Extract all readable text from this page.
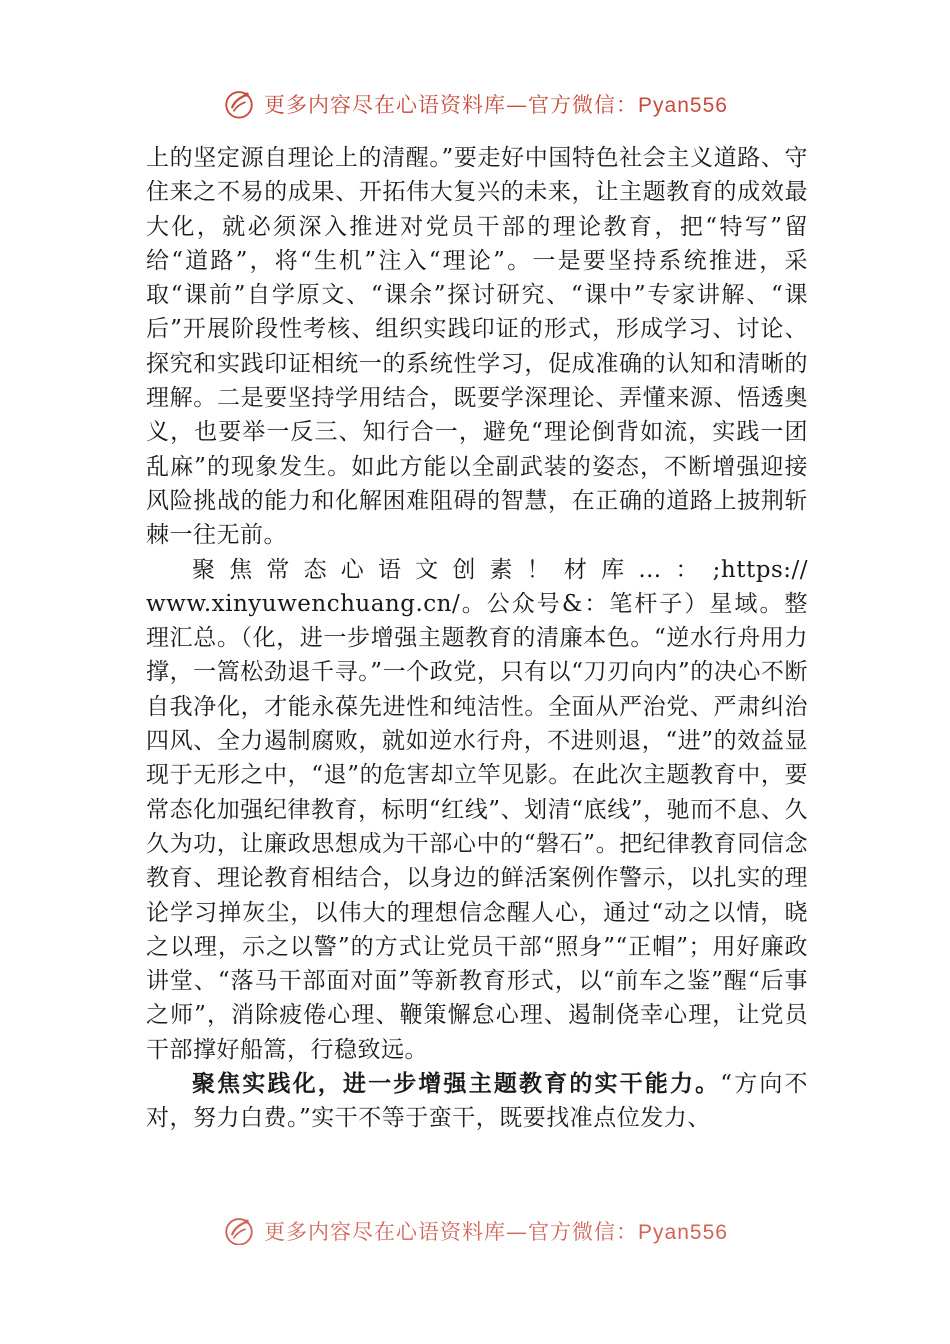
更多内容尽在心语资料库—官方微信：Pyan556

上的坚定源自理论上的清醒。”要走好中国特色社会主义道路、守住来之不易的成果、开拓伟大复兴的未来，让主题教育的成效最大化，就必须深入推进对党员干部的理论教育，把“特写”留给“道路”，将“生机”注入“理论”。一是要坚持系统推进，采取“课前”自学原文、“课余”探讨研究、“课中”专家讲解、“课后”开展阶段性考核、组织实践印证的形式，形成学习、讨论、探究和实践印证相统一的系统性学习，促成准确的认知和清晰的理解。二是要坚持学用结合，既要学深理论、弄懂来源、悟透奥义，也要举一反三、知行合一，避免“理论倒背如流，实践一团乱麻”的现象发生。如此方能以全副武装的姿态，不断增强迎接风险挑战的能力和化解困难阻碍的智慧，在正确的道路上披荆斩棘一往无前。

聚焦常态心语文创素！材库…：;https://

www.xinyuwenchuang.cn/。公众号&：笔杆子）星域。整理汇总。（化，进一步增强主题教育的清廉本色。“逆水行舟用力撑，一篙松劲退千寻。”一个政党，只有以“刀刃向内”的决心不断自我净化，才能永葆先进性和纯洁性。全面从严治党、严肃纠治四风、全力遏制腐败，就如逆水行舟，不进则退，“进”的效益显现于无形之中，“退”的危害却立竿见影。在此次主题教育中，要常态化加强纪律教育，标明“红线”、划清“底线”，驰而不息、久久为功，让廉政思想成为干部心中的“磐石”。把纪律教育同信念教育、理论教育相结合，以身边的鲜活案例作警示，以扎实的理论学习掸灰尘，以伟大的理想信念醒人心，通过“动之以情，晓之以理，示之以警”的方式让党员干部“照身”“正帽”；用好廉政讲堂、“落马干部面对面”等新教育形式，以“前车之鉴”醒“后事之师”，消除疲倦心理、鞭策懈怠心理、遏制侥幸心理，让党员干部撑好船篙，行稳致远。

聚焦实践化，进一步增强主题教育的实干能力。“方向不对，努力白费。”实干不等于蛮干，既要找准点位发力、

更多内容尽在心语资料库—官方微信：Pyan556
